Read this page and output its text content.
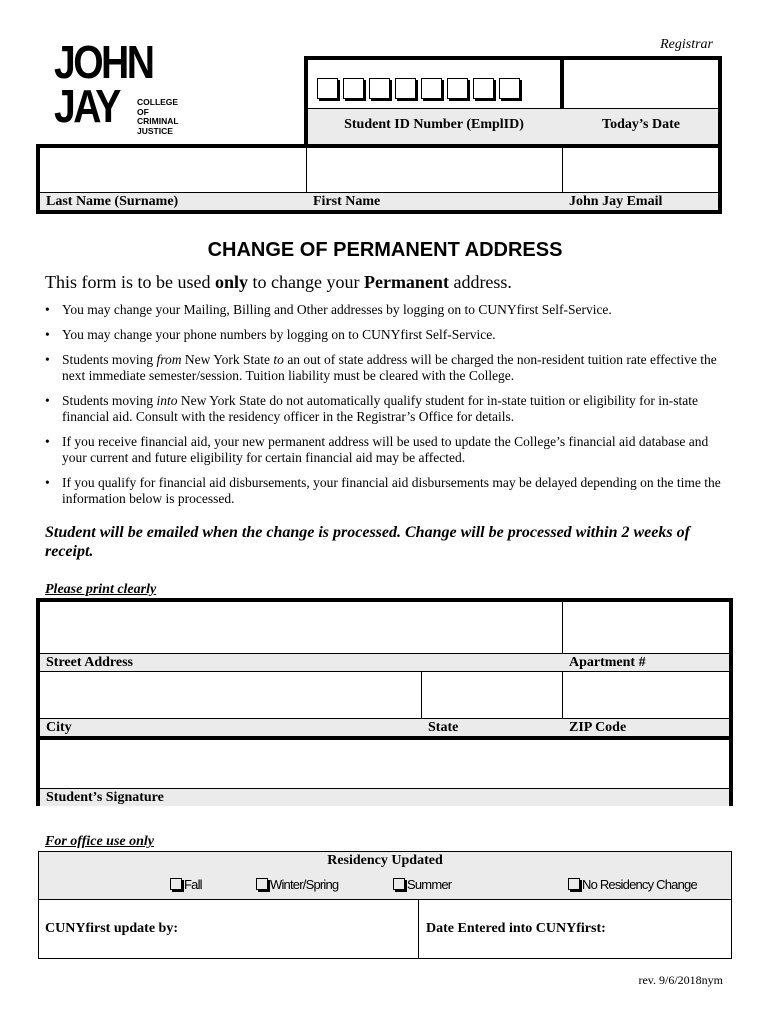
Registrar
JOHN
JAY COLLEGE
OF
CRIMINAL
JUSTICE	Student ID Number (EmplID)	Today’s Date
Last Name (Surname)	First Name	John Jay Email
CHANGE OF PERMANENT ADDRESS
This form is to be used only to change your Permanent address.
• You may change your Mailing, Billing and Other addresses by logging on to CUNYfirst Self-Service.
• You may change your phone numbers by logging on to CUNYfirst Self-Service.
• Students moving from New York State to an out of state address will be charged the non-resident tuition rate effective the next immediate semester/session. Tuition liability must be cleared with the College.
• Students moving into New York State do not automatically qualify student for in-state tuition or eligibility for in-state financial aid. Consult with the residency officer in the Registrar’s Office for details.
• If you receive financial aid, your new permanent address will be used to update the College’s financial aid database and your current and future eligibility for certain financial aid may be affected.
• If you qualify for financial aid disbursements, your financial aid disbursements may be delayed depending on the time the information below is processed.
Student will be emailed when the change is processed. Change will be processed within 2 weeks of receipt.
Please print clearly
Street Address	Apartment #
City	State	ZIP Code
Student’s Signature
For office use only
Residency Updated
Fall	Winter/Spring	Summer	No Residency Change
CUNYfirst update by:	Date Entered into CUNYfirst:
rev. 9/6/2018nym
